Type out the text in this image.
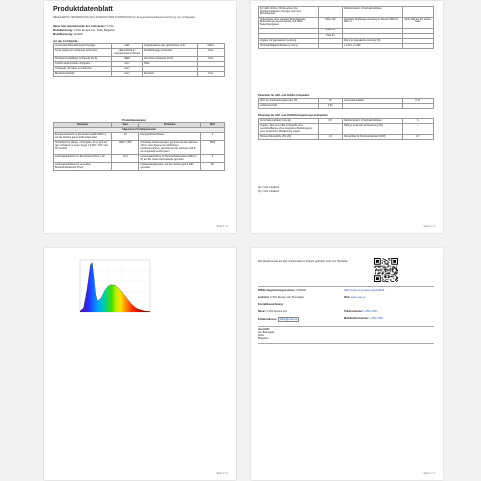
Produktdatenblatt
DELEGIERTE VERORDNUNG (EU) 2019/2015 DER KOMMISSION zur Energieverbrauchskennzeichnung von Lichtquellen
Name oder Handelsmarke des Lieferanten: V-TAC
Modellkennung: V-TAC Europe Ltd., Sofia, Bulgarien
Modellkennung: 212629
Art der Lichtquelle:
Verwendete Beleuchtungstechnologie:	LED	Ungebündeltes oder gebündeltes Licht:	NDLS
Ist die Quelle der Lichtquelle verbunden:	LED-lichtfeld im netzgebundenen Betrieb	Netzabhängige Lichtquelle:	Nein
Netzspannungsfähige Lichtquelle (CLS):	NEIN	Vernetzte Lichtquelle (CLS):	Nein
Farblich abstimmbare Lichtquelle:	Nein	Hülle:	
Lichtquelle mit hoher Leuchtdichte:	Nein		
Blendschutzschild:	Nein	Dimmbar:	Nein
Produktparameter
Parameter	Wert	Parameter	Wert
Allgemeine Produktparameter			
Energieverbrauch im Ein-Zustand (kWh/1000 h), auf die nächste ganze Zahl aufgerundet	10	Energieeffizienzklasse	F
Nutzlichtstrom (Φuse), mit Angabe, ob er sich auf den Lichtstrom in einem Kegel mit 360°, 120° oder 90° bezieht	1000 in 360°	Ähnlichste Farbtemperatur, gerundet auf die nächsten 100 K, oder Spanne der ähnlichsten Farbtemperaturen, gerundet auf die nächsten 100 K, die eingestellt werden kann	6500
Leistungsaufnahme im Ein-Zustand (Pon) in W	10,0	Leistungsaufnahme im Bereitschaftszustand (Psb) in W, auf die zweite Dezimalstelle gerundet	0
Leistungsaufnahme im vernetzten Bereitschaftsbetrieb (Pnet)		Farbwiedergabeindex, auf die nächste ganze Zahl gerundet	80
Seite 1 / 4
Für LED mit Ra ≥ 80 die ersten drei Nachkommastellen; Energie nach dem Bundesgesetz		Farbkonsistenz in McAdam-Ellipsen	
Außenmaße ohne separate Betriebsgeräte, Beleuchtungs-steuerungsteile und Nicht-Beleuchtungsteile	Höhe 118	Spektrale Strahlungs-verteilung im Bereich 250 bis 800 nm	Siehe Bild auf der letzten Seite
	Breite 60		
	Tiefe 60		
Angabe zur äquivalenten Leistung		Wenn ja: äquivalente Leistung (W)	
Chromatizitätskoordinaten (x und y)		x 0,313 y 0,329	
Parameter für LED- und OLED-Lichtquellen
Wert des Farbwiedergabeindex R9	13	Lebensdauerfaktor	0,70
Lichtstromerhalt	0,90		
Parameter für LED- und OLED-Netzspannungs-lichtquellen
Verschiebungsfaktor (cos φ1)	0,5	Farbkonsistenz in McAdam-Ellipsen	6
Angabe, dass eine LED-Lichtquelle eine Leuchtstofflampe ohne integriertes Betriebsgerät einer bestimmten Wattleistung ersetzt		Falls ja, Anspruch auf Ersetzung (W)	—
Flimmer-Messgröße (Pst LM)	1,0	Messgröße für Stroboskopeffekt (SVM)	0,7
(a) = nicht zutreffend
(b) = nicht zutreffend
Seite 2 / 4
Seite 3 / 4
Das Modell wurde auf dem Unionsmarkt in Verkehr gebracht. Link zum Hersteller:
EPREL-Registrierungsnummer: 1000000	https://eprel.ec.europa.eu/qr/212629
Lieferant: V-TAC Europe Ltd. (Hersteller)	Web: www.v-tac.eu
Kontaktbezeichnung:
Name: V-TAC Europe Ltd.	Telefonnummer: +359 2 995...
E-Mail-Adresse: office@v-tac.eu	Mobiltelefonnummer: +359 2 995...
Anschrift:
bul. Botevgrad
Sofia
Bulgarien
Seite 4 / 4
